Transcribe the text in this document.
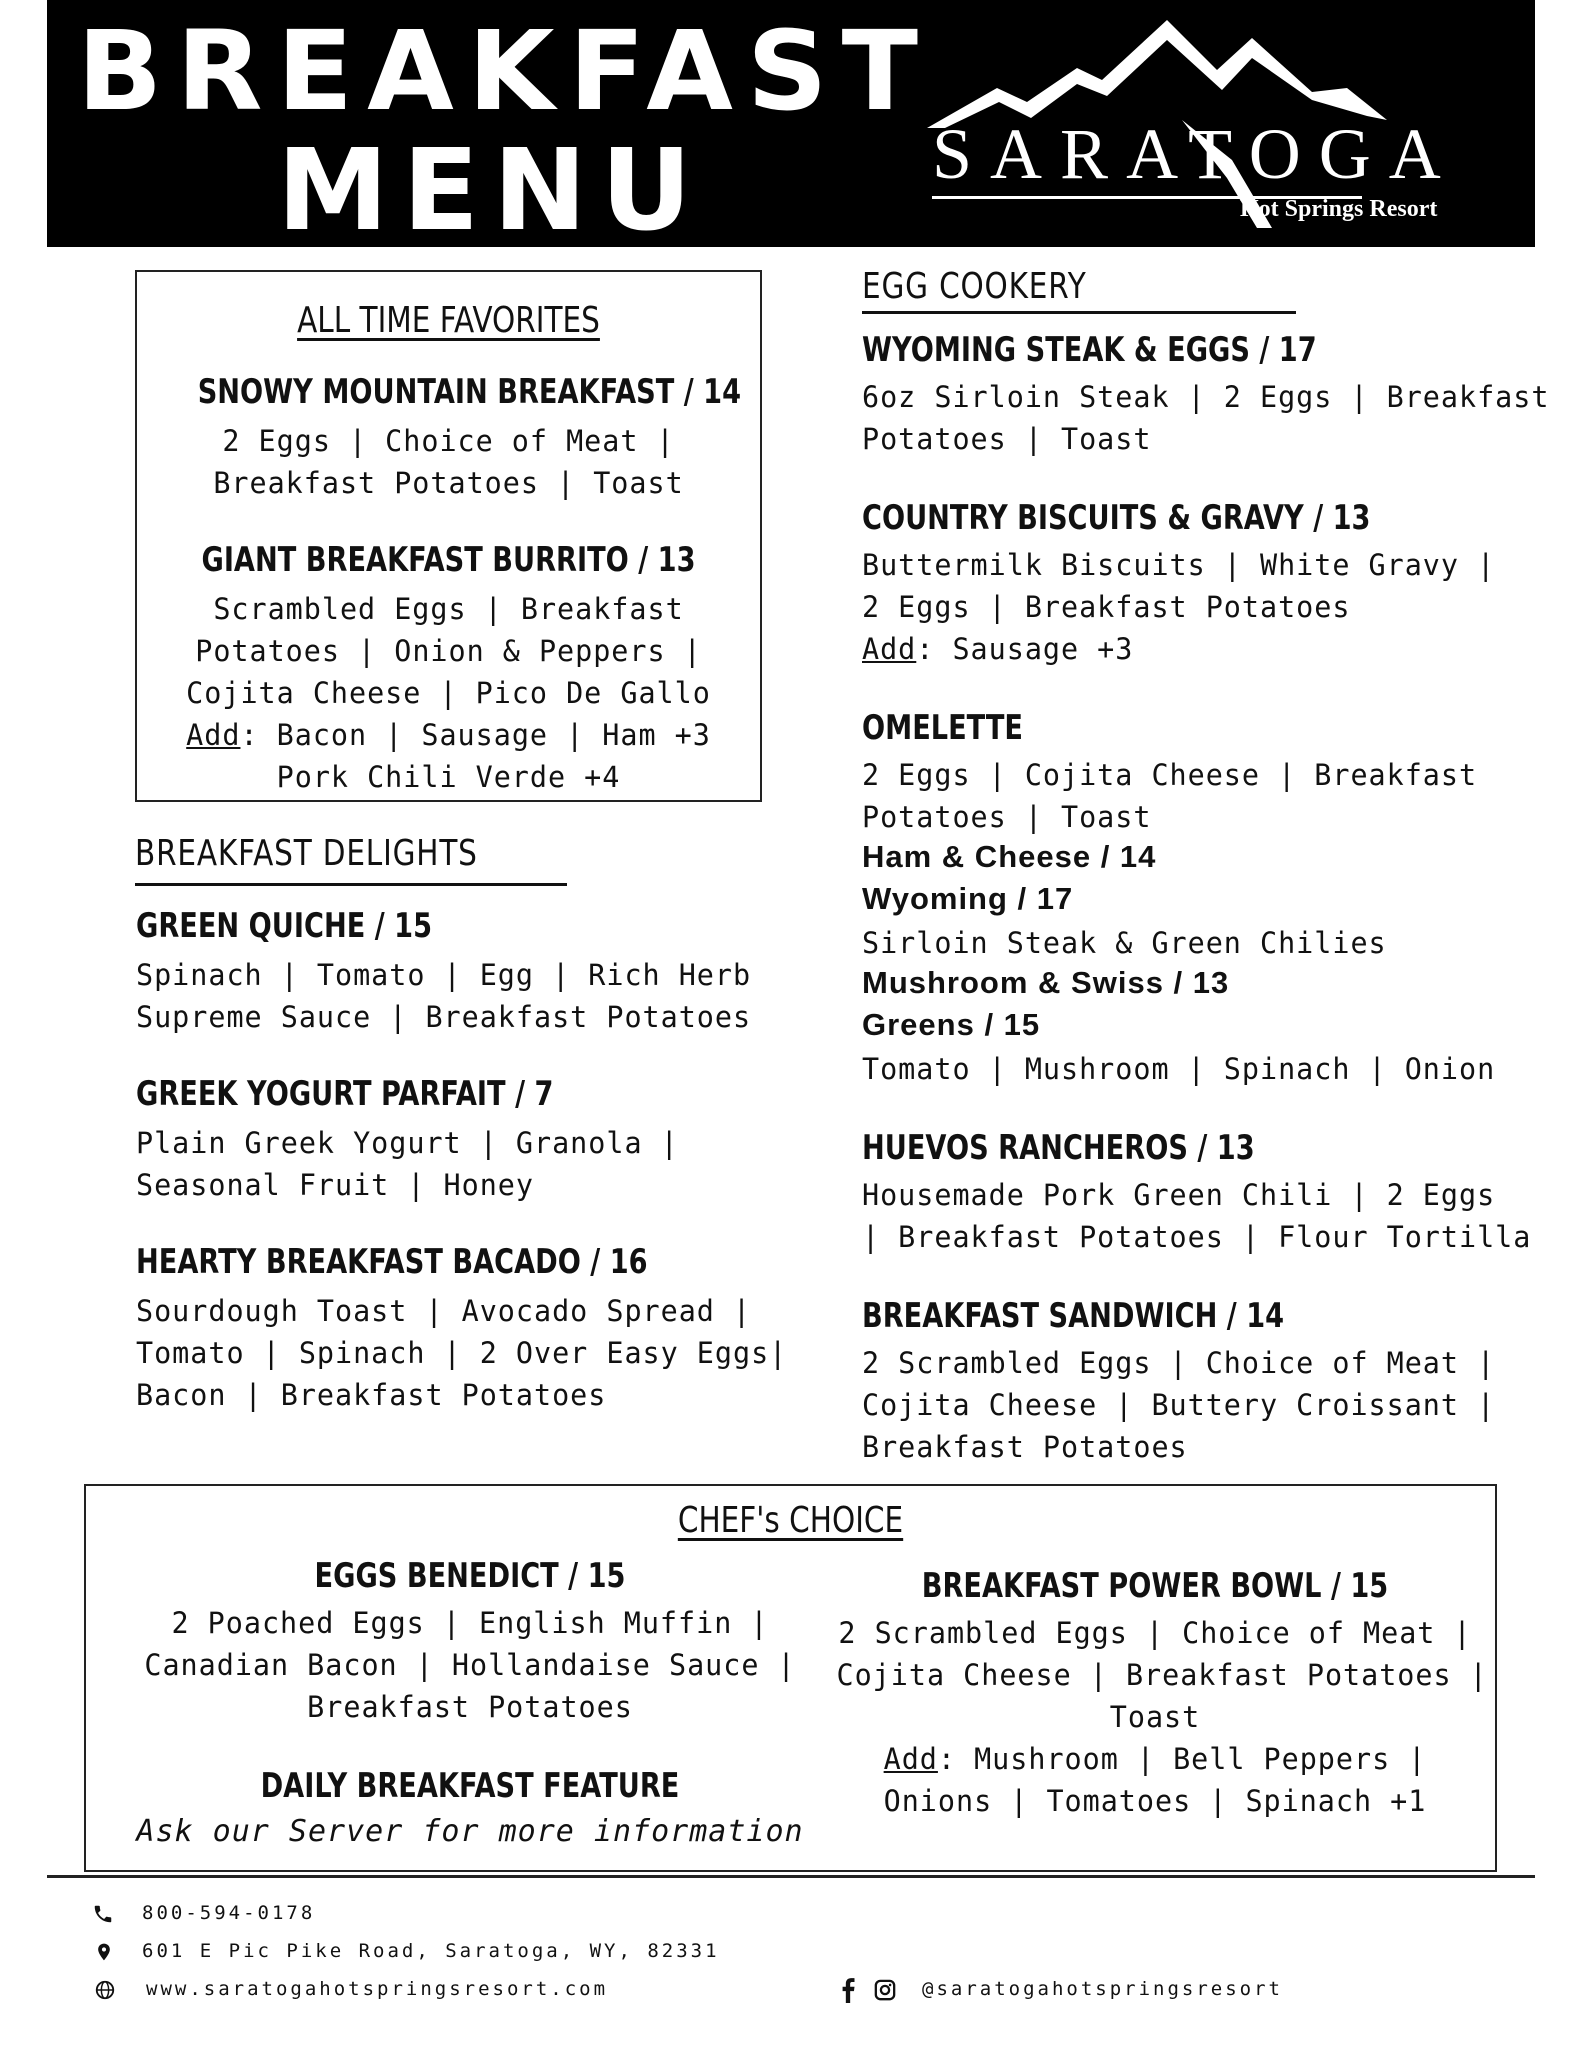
BREAKFAST
MENU	SARATOGA
Hot Springs Resort
ALL TIME FAVORITES
SNOWY MOUNTAIN BREAKFAST / 14
2 Eggs | Choice of Meat |
Breakfast Potatoes | Toast
GIANT BREAKFAST BURRITO / 13
Scrambled Eggs | Breakfast
Potatoes | Onion & Peppers |
Cojita Cheese | Pico De Gallo
Add: Bacon | Sausage | Ham +3
Pork Chili Verde +4
BREAKFAST DELIGHTS
GREEN QUICHE / 15
Spinach | Tomato | Egg | Rich Herb
Supreme Sauce | Breakfast Potatoes
GREEK YOGURT PARFAIT / 7
Plain Greek Yogurt | Granola |
Seasonal Fruit | Honey
HEARTY BREAKFAST BACADO / 16
Sourdough Toast | Avocado Spread |
Tomato | Spinach | 2 Over Easy Eggs|
Bacon | Breakfast Potatoes
EGG COOKERY
WYOMING STEAK & EGGS / 17
6oz Sirloin Steak | 2 Eggs | Breakfast
Potatoes | Toast
COUNTRY BISCUITS & GRAVY / 13
Buttermilk Biscuits | White Gravy |
2 Eggs | Breakfast Potatoes
Add: Sausage +3
OMELETTE
2 Eggs | Cojita Cheese | Breakfast
Potatoes | Toast
Ham & Cheese / 14
Wyoming / 17
Sirloin Steak & Green Chilies
Mushroom & Swiss / 13
Greens / 15
Tomato | Mushroom | Spinach | Onion
HUEVOS RANCHEROS / 13
Housemade Pork Green Chili | 2 Eggs
| Breakfast Potatoes | Flour Tortilla
BREAKFAST SANDWICH / 14
2 Scrambled Eggs | Choice of Meat |
Cojita Cheese | Buttery Croissant |
Breakfast Potatoes
CHEF's CHOICE
EGGS BENEDICT / 15
2 Poached Eggs | English Muffin |
Canadian Bacon | Hollandaise Sauce |
Breakfast Potatoes
DAILY BREAKFAST FEATURE
Ask our Server for more information
BREAKFAST POWER BOWL / 15
2 Scrambled Eggs | Choice of Meat |
Cojita Cheese | Breakfast Potatoes |
Toast
Add: Mushroom | Bell Peppers |
Onions | Tomatoes | Spinach +1
800-594-0178
601 E Pic Pike Road, Saratoga, WY, 82331
www.saratogahotspringsresort.com	@saratogahotspringsresort
